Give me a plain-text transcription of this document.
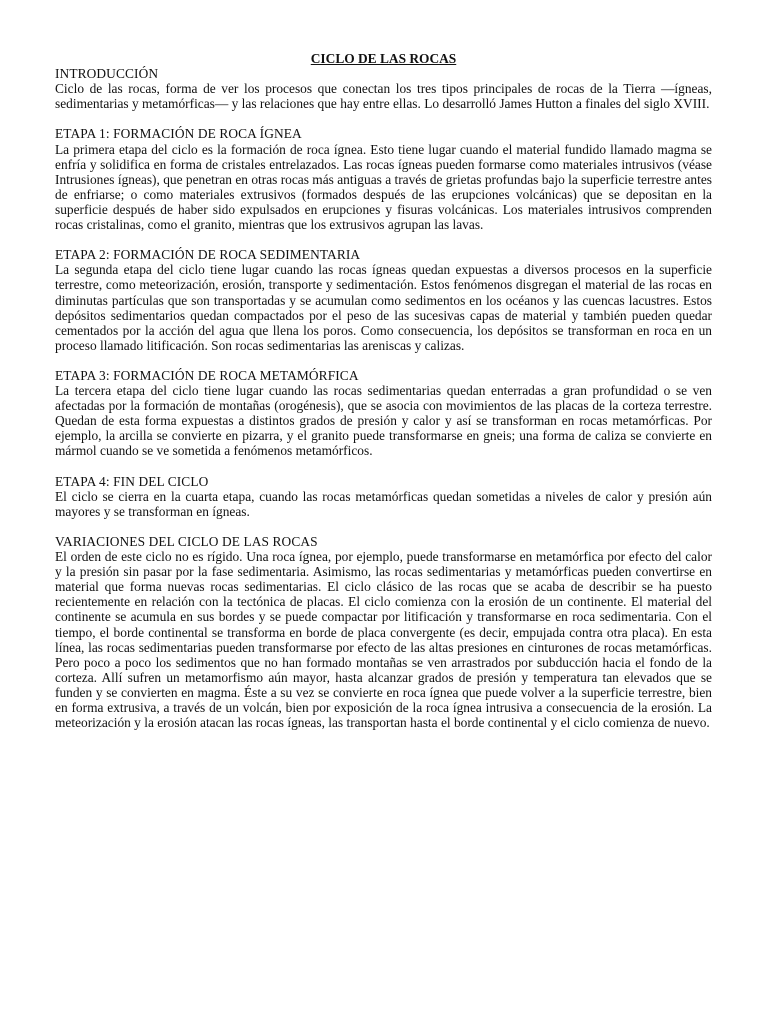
CICLO DE LAS ROCAS
INTRODUCCIÓN
Ciclo de las rocas, forma de ver los procesos que conectan los tres tipos principales de rocas de la Tierra —ígneas, sedimentarias y metamórficas— y las relaciones que hay entre ellas. Lo desarrolló James Hutton a finales del siglo XVIII.
ETAPA 1: FORMACIÓN DE ROCA ÍGNEA
La primera etapa del ciclo es la formación de roca ígnea. Esto tiene lugar cuando el material fundido llamado magma se enfría y solidifica en forma de cristales entrelazados. Las rocas ígneas pueden formarse como materiales intrusivos (véase Intrusiones ígneas), que penetran en otras rocas más antiguas a través de grietas profundas bajo la superficie terrestre antes de enfriarse; o como materiales extrusivos (formados después de las erupciones volcánicas) que se depositan en la superficie después de haber sido expulsados en erupciones y fisuras volcánicas. Los materiales intrusivos comprenden rocas cristalinas, como el granito, mientras que los extrusivos agrupan las lavas.
ETAPA 2: FORMACIÓN DE ROCA SEDIMENTARIA
La segunda etapa del ciclo tiene lugar cuando las rocas ígneas quedan expuestas a diversos procesos en la superficie terrestre, como meteorización, erosión, transporte y sedimentación. Estos fenómenos disgregan el material de las rocas en diminutas partículas que son transportadas y se acumulan como sedimentos en los océanos y las cuencas lacustres. Estos depósitos sedimentarios quedan compactados por el peso de las sucesivas capas de material y también pueden quedar cementados por la acción del agua que llena los poros. Como consecuencia, los depósitos se transforman en roca en un proceso llamado litificación. Son rocas sedimentarias las areniscas y calizas.
ETAPA 3: FORMACIÓN DE ROCA METAMÓRFICA
La tercera etapa del ciclo tiene lugar cuando las rocas sedimentarias quedan enterradas a gran profundidad o se ven afectadas por la formación de montañas (orogénesis), que se asocia con movimientos de las placas de la corteza terrestre. Quedan de esta forma expuestas a distintos grados de presión y calor y así se transforman en rocas metamórficas. Por ejemplo, la arcilla se convierte en pizarra, y el granito puede transformarse en gneis; una forma de caliza se convierte en mármol cuando se ve sometida a fenómenos metamórficos.
ETAPA 4: FIN DEL CICLO
El ciclo se cierra en la cuarta etapa, cuando las rocas metamórficas quedan sometidas a niveles de calor y presión aún mayores y se transforman en ígneas.
VARIACIONES DEL CICLO DE LAS ROCAS
El orden de este ciclo no es rígido. Una roca ígnea, por ejemplo, puede transformarse en metamórfica por efecto del calor y la presión sin pasar por la fase sedimentaria. Asimismo, las rocas sedimentarias y metamórficas pueden convertirse en material que forma nuevas rocas sedimentarias. El ciclo clásico de las rocas que se acaba de describir se ha puesto recientemente en relación con la tectónica de placas. El ciclo comienza con la erosión de un continente. El material del continente se acumula en sus bordes y se puede compactar por litificación y transformarse en roca sedimentaria. Con el tiempo, el borde continental se transforma en borde de placa convergente (es decir, empujada contra otra placa). En esta línea, las rocas sedimentarias pueden transformarse por efecto de las altas presiones en cinturones de rocas metamórficas. Pero poco a poco los sedimentos que no han formado montañas se ven arrastrados por subducción hacia el fondo de la corteza. Allí sufren un metamorfismo aún mayor, hasta alcanzar grados de presión y temperatura tan elevados que se funden y se convierten en magma. Éste a su vez se convierte en roca ígnea que puede volver a la superficie terrestre, bien en forma extrusiva, a través de un volcán, bien por exposición de la roca ígnea intrusiva a consecuencia de la erosión. La meteorización y la erosión atacan las rocas ígneas, las transportan hasta el borde continental y el ciclo comienza de nuevo.
